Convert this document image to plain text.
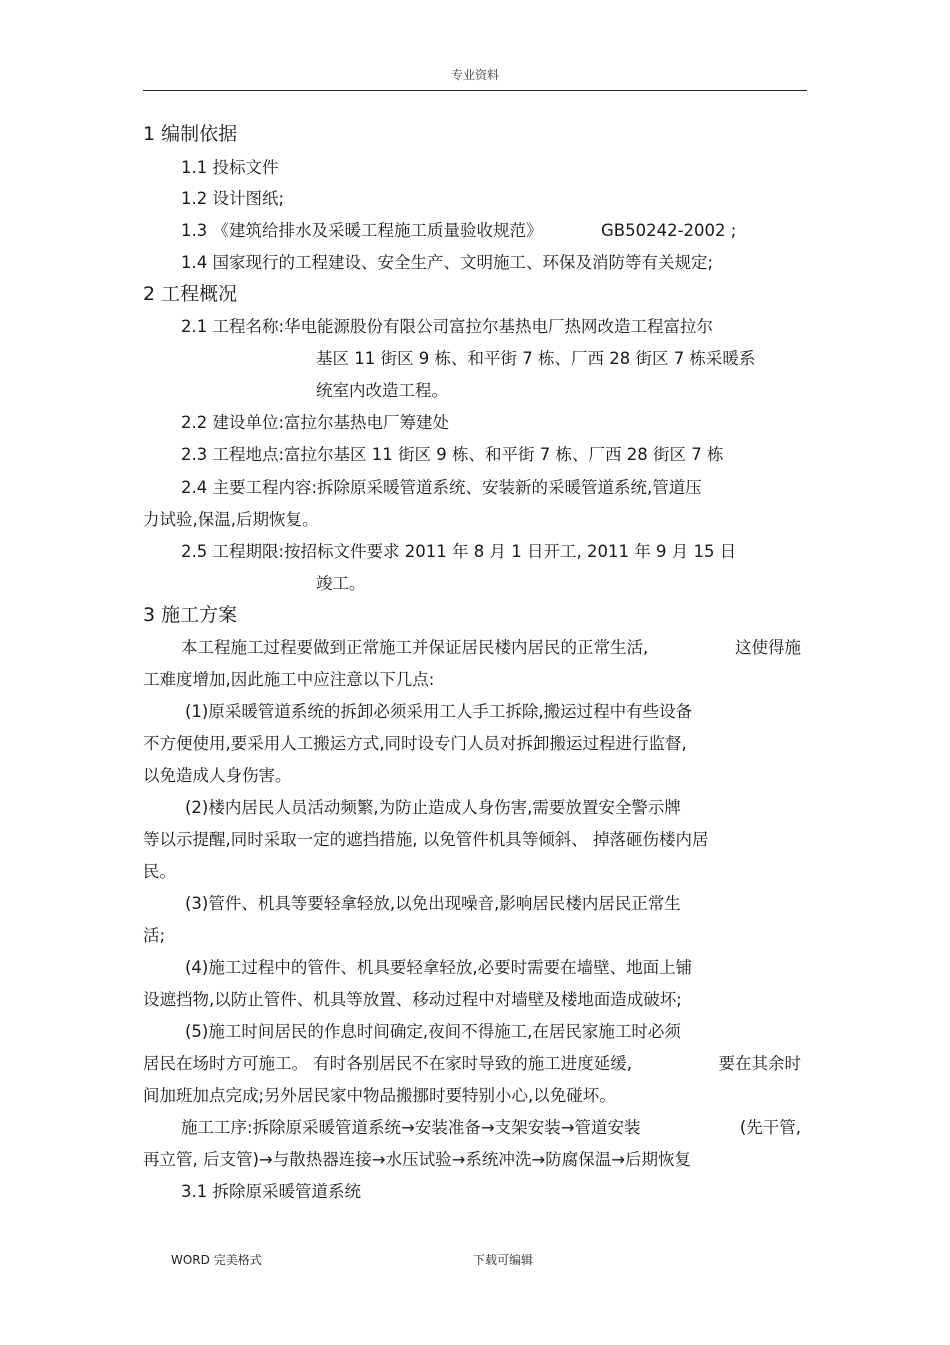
专业资料
1 编制依据
1.1 投标文件
1.2 设计图纸;
1.3 《建筑给排水及采暖工程施工质量验收规范》	GB50242-2002 ;
1.4 国家现行的工程建设、安全生产、文明施工、环保及消防等有关规定;
2 工程概况
2.1 工程名称:华电能源股份有限公司富拉尔基热电厂热网改造工程富拉尔
基区 11 街区 9 栋、和平街 7 栋、厂西 28 街区 7 栋采暖系
统室内改造工程。
2.2 建设单位:富拉尔基热电厂筹建处
2.3 工程地点:富拉尔基区 11 街区 9 栋、和平街 7 栋、厂西 28 街区 7 栋
2.4 主要工程内容:拆除原采暖管道系统、安装新的采暖管道系统,管道压
力试验,保温,后期恢复。
2.5 工程期限:按招标文件要求 2011 年 8 月 1 日开工, 2011 年 9 月 15 日
竣工。
3 施工方案
本工程施工过程要做到正常施工并保证居民楼内居民的正常生活,	这使得施
工难度增加,因此施工中应注意以下几点:
(1)原采暖管道系统的拆卸必须采用工人手工拆除,搬运过程中有些设备
不方便使用,要采用人工搬运方式,同时设专门人员对拆卸搬运过程进行监督,
以免造成人身伤害。
(2)楼内居民人员活动频繁,为防止造成人身伤害,需要放置安全警示牌
等以示提醒,同时采取一定的遮挡措施, 以免管件机具等倾斜、 掉落砸伤楼内居
民。
(3)管件、机具等要轻拿轻放,以免出现噪音,影响居民楼内居民正常生
活;
(4)施工过程中的管件、机具要轻拿轻放,必要时需要在墙壁、地面上铺
设遮挡物,以防止管件、机具等放置、移动过程中对墙壁及楼地面造成破坏;
(5)施工时间居民的作息时间确定,夜间不得施工,在居民家施工时必须
居民在场时方可施工。 有时各别居民不在家时导致的施工进度延缓,	要在其余时
间加班加点完成;另外居民家中物品搬挪时要特别小心,以免碰坏。
施工工序:拆除原采暖管道系统→安装准备→支架安装→管道安装	(先干管,
再立管, 后支管)→与散热器连接→水压试验→系统冲洗→防腐保温→后期恢复
3.1 拆除原采暖管道系统
WORD 完美格式	下载可编辑
